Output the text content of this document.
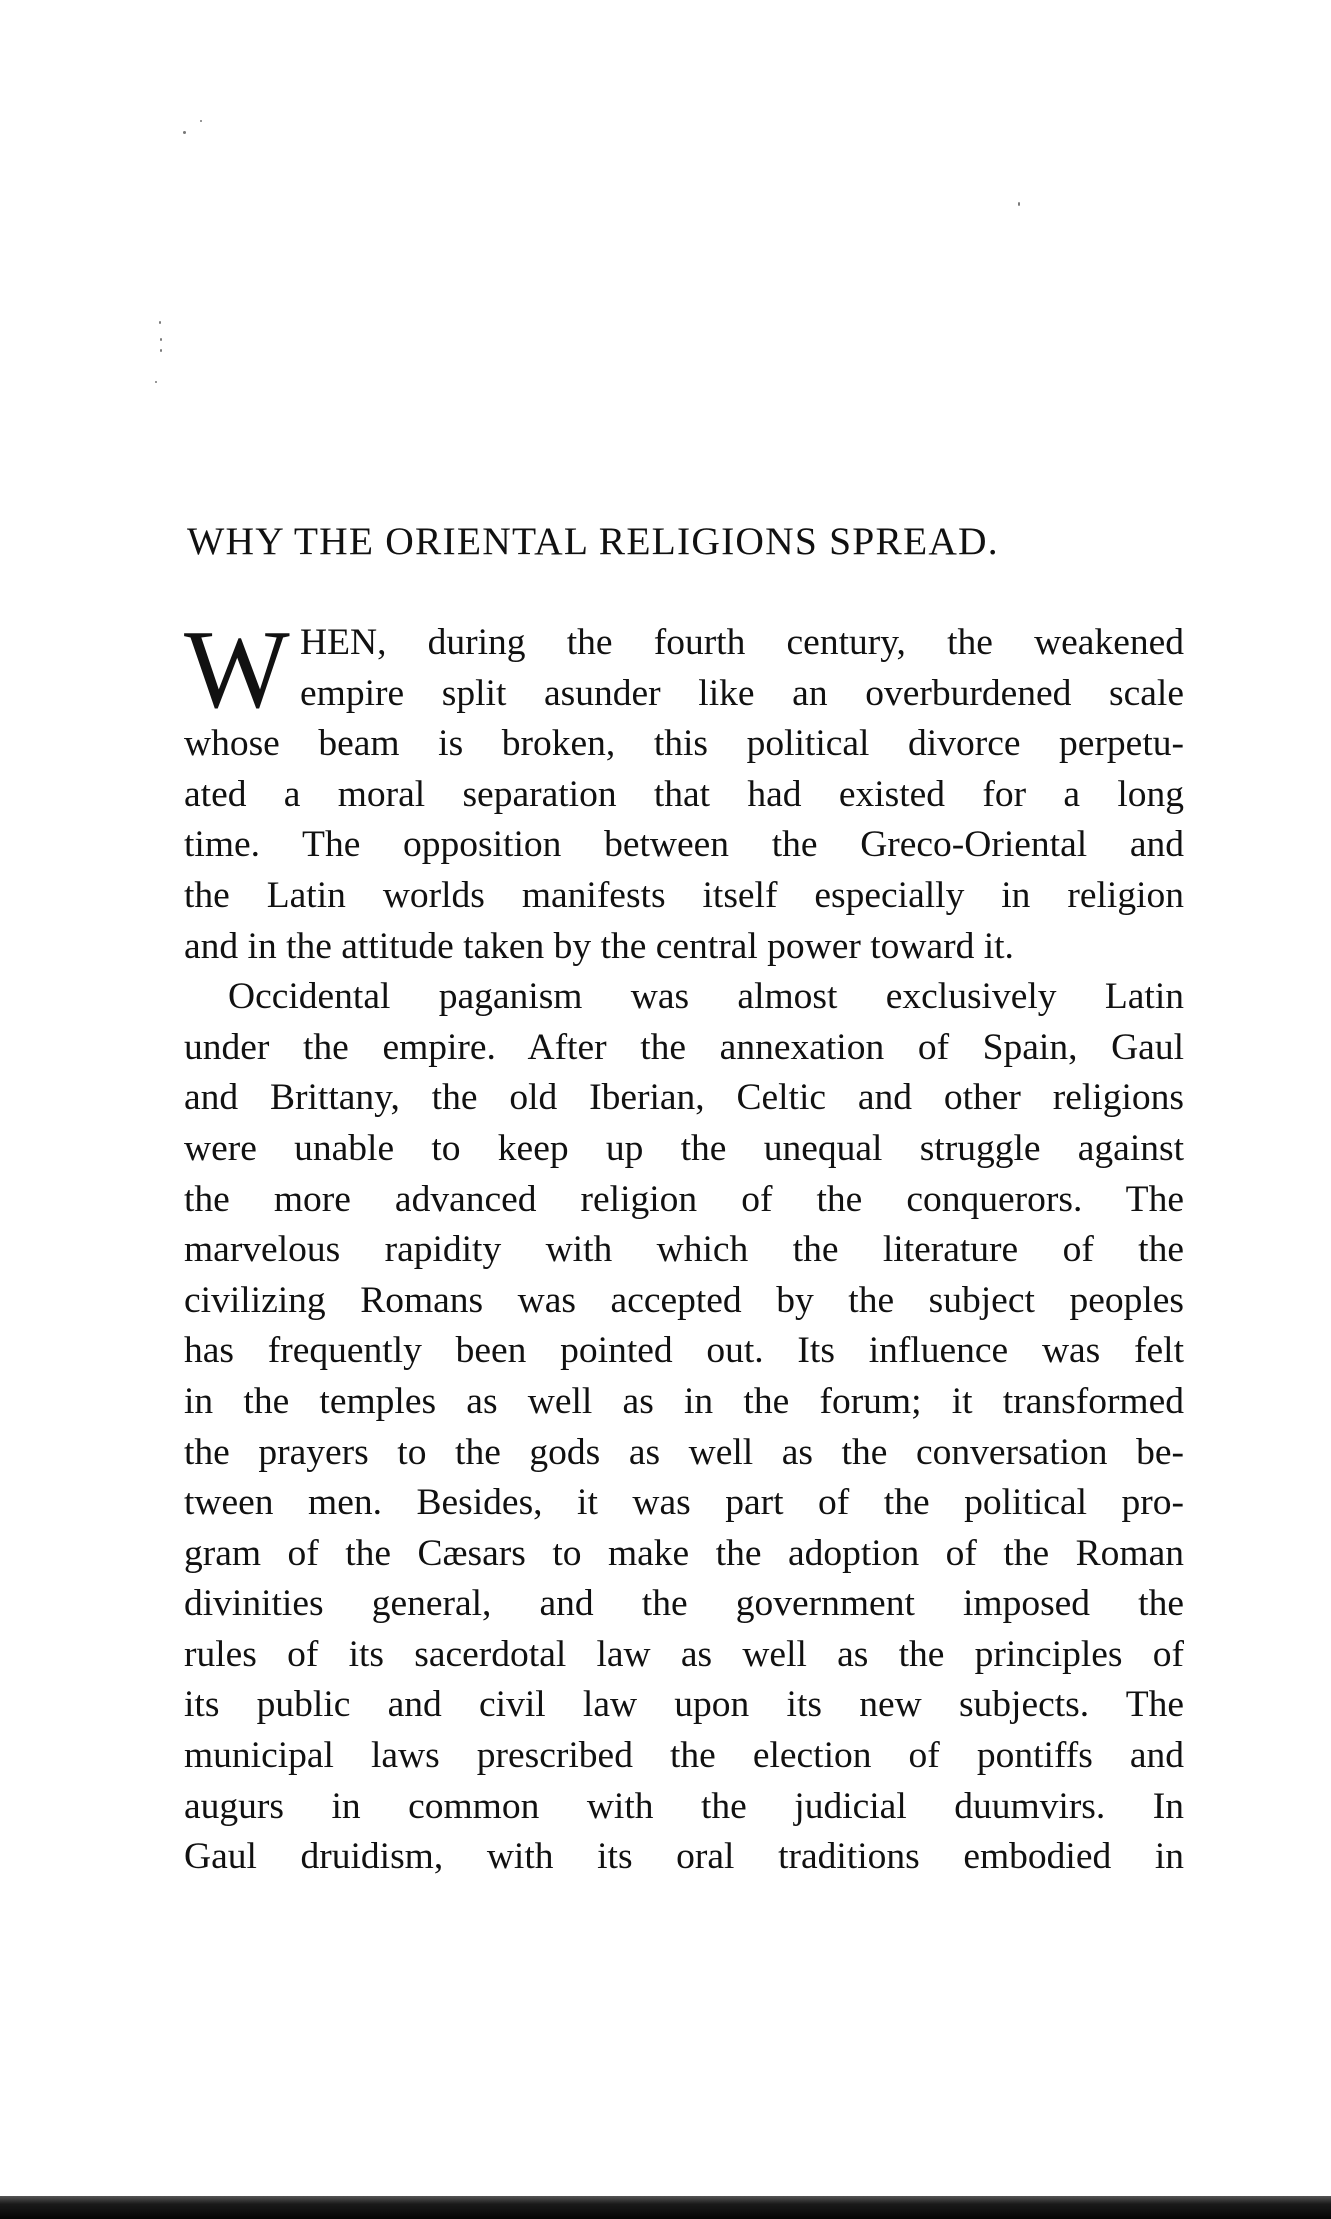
WHY THE ORIENTAL RELIGIONS SPREAD.
W HEN, during the fourth century, the weakened
empire split asunder like an overburdened scale
whose beam is broken, this political divorce perpetu-
ated a moral separation that had existed for a long
time. The opposition between the Greco-Oriental and
the Latin worlds manifests itself especially in religion
and in the attitude taken by the central power toward it.
Occidental paganism was almost exclusively Latin
under the empire. After the annexation of Spain, Gaul
and Brittany, the old Iberian, Celtic and other religions
were unable to keep up the unequal struggle against
the more advanced religion of the conquerors. The
marvelous rapidity with which the literature of the
civilizing Romans was accepted by the subject peoples
has frequently been pointed out. Its influence was felt
in the temples as well as in the forum; it transformed
the prayers to the gods as well as the conversation be-
tween men. Besides, it was part of the political pro-
gram of the Cæsars to make the adoption of the Roman
divinities general, and the government imposed the
rules of its sacerdotal law as well as the principles of
its public and civil law upon its new subjects. The
municipal laws prescribed the election of pontiffs and
augurs in common with the judicial duumvirs. In
Gaul druidism, with its oral traditions embodied in
